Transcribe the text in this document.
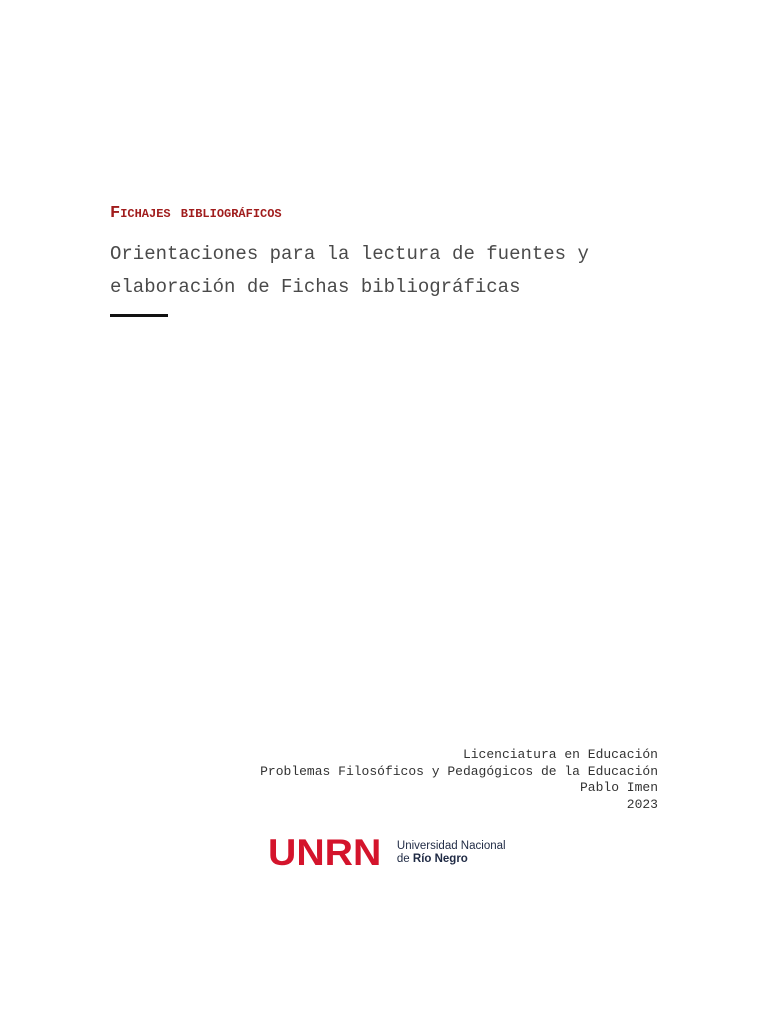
Fichajes bibliográficos
Orientaciones para la lectura de fuentes y
elaboración de Fichas bibliográficas
Licenciatura en Educación
Problemas Filosóficos y Pedagógicos de la Educación
Pablo Imen
2023
UNRN Universidad Nacional
de Río Negro
